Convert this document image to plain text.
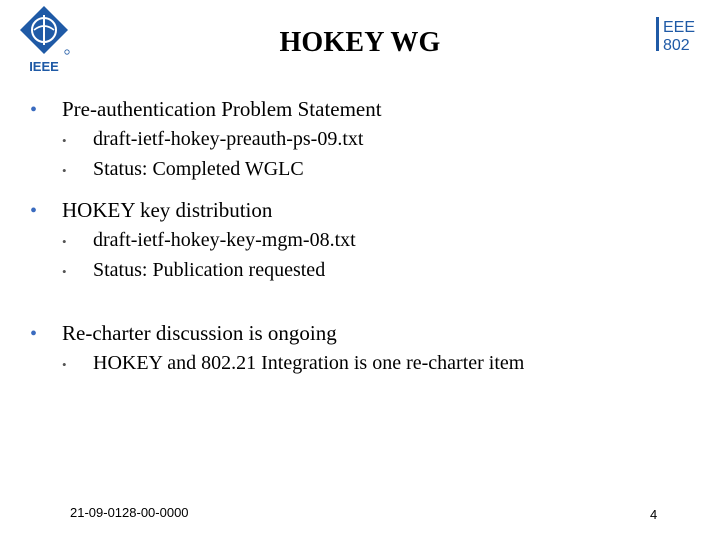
IEEE
EEE
802
HOKEY WG
•	Pre-authentication Problem Statement
•	draft-ietf-hokey-preauth-ps-09.txt
•	Status: Completed WGLC
•	HOKEY key distribution
•	draft-ietf-hokey-key-mgm-08.txt
•	Status: Publication requested
•	Re-charter discussion is ongoing
•	HOKEY and 802.21 Integration is one re-charter item
21-09-0128-00-0000	4
